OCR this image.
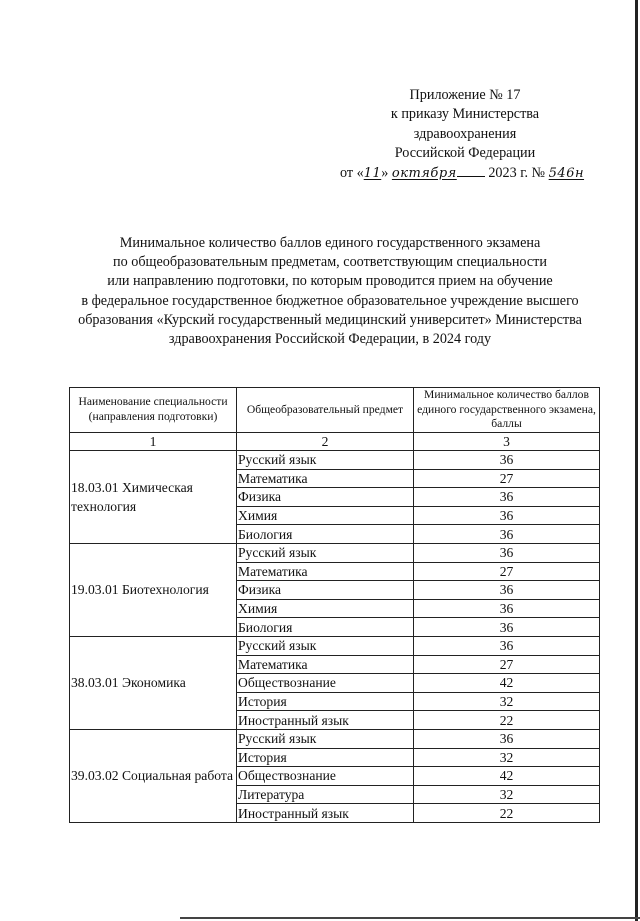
Приложение № 17
к приказу Министерства
здравоохранения
Российской Федерации
от «11» октября 2023 г. № 546н
Минимальное количество баллов единого государственного экзамена
по общеобразовательным предметам, соответствующим специальности
или направлению подготовки, по которым проводится прием на обучение
в федеральное государственное бюджетное образовательное учреждение высшего
образования «Курский государственный медицинский университет» Министерства
здравоохранения Российской Федерации, в 2024 году
Наименование специальности (направления подготовки)	Общеобразовательный предмет	Минимальное количество баллов единого государственного экзамена, баллы
1	2	3
18.03.01 Химическая технология	Русский язык	36
	Математика	27
	Физика	36
	Химия	36
	Биология	36
19.03.01 Биотехнология	Русский язык	36
	Математика	27
	Физика	36
	Химия	36
	Биология	36
38.03.01 Экономика	Русский язык	36
	Математика	27
	Обществознание	42
	История	32
	Иностранный язык	22
39.03.02 Социальная работа	Русский язык	36
	История	32
	Обществознание	42
	Литература	32
	Иностранный язык	22
